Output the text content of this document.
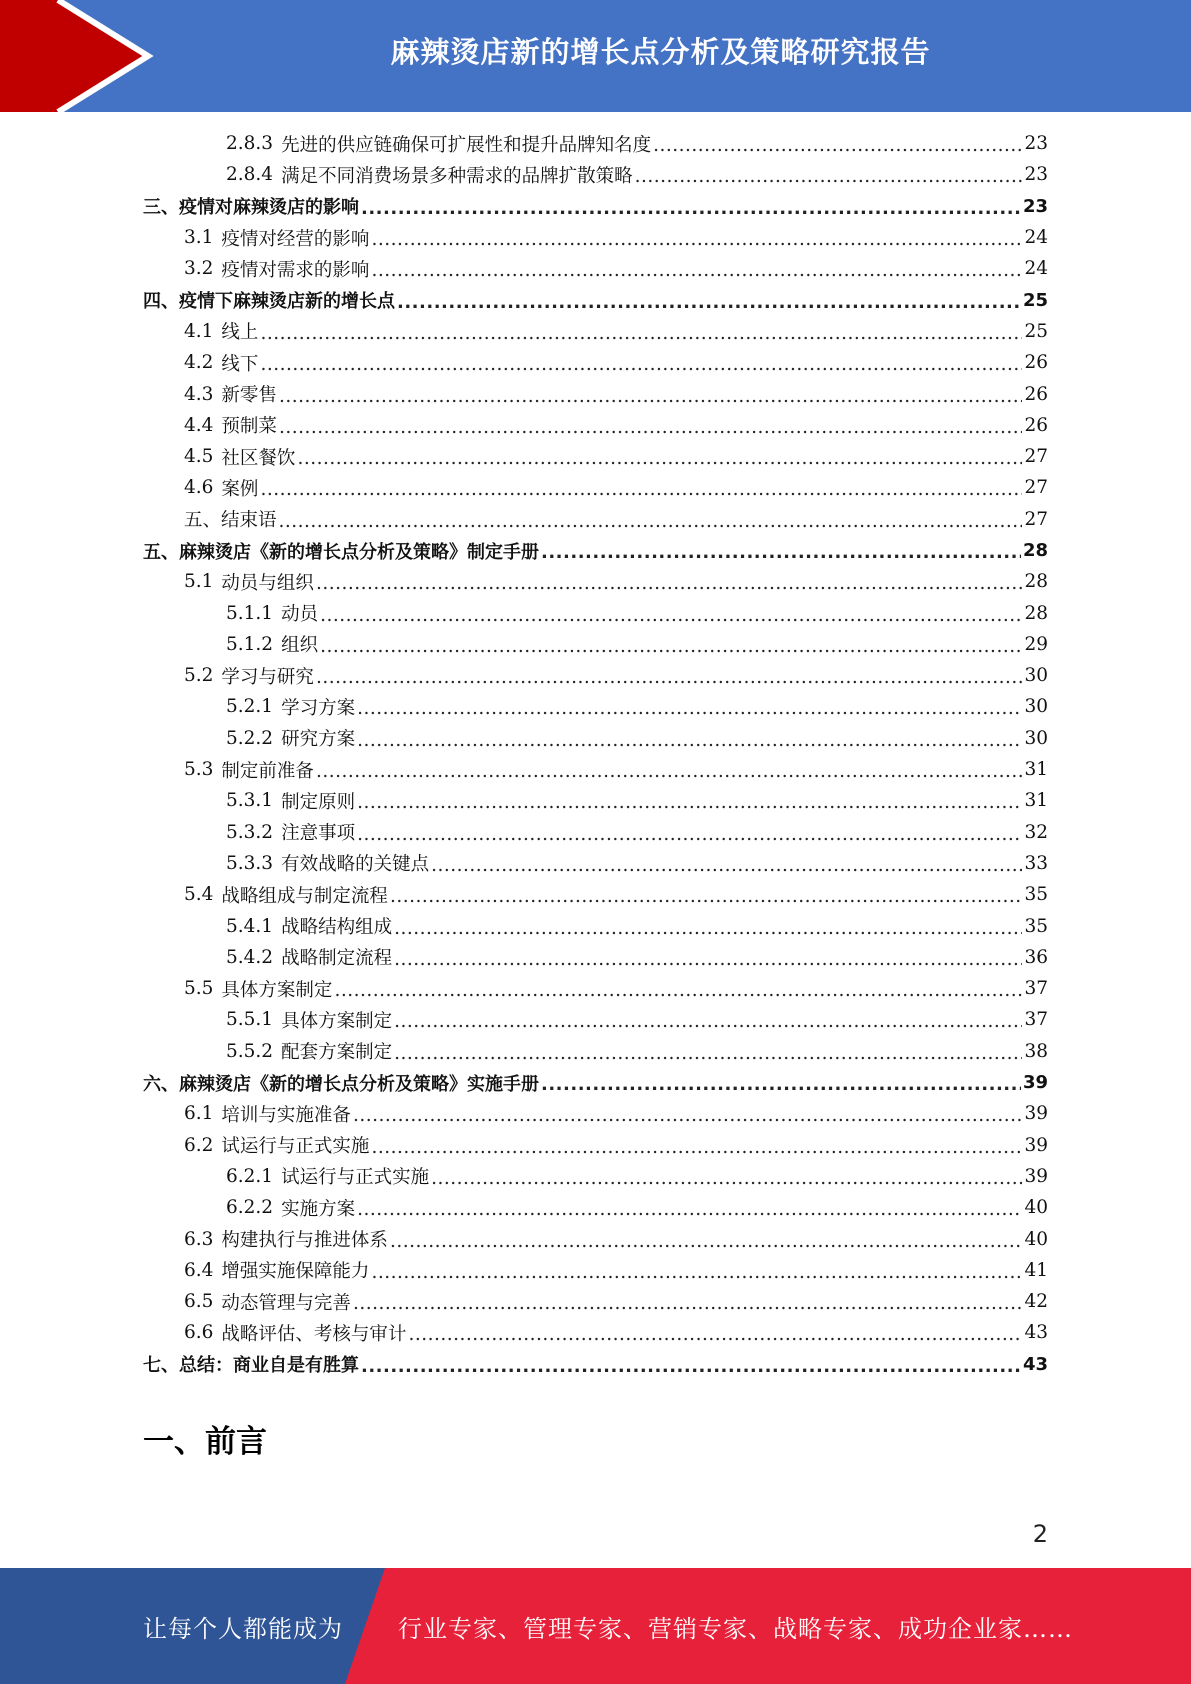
麻辣烫店新的增长点分析及策略研究报告
2.8.3 先进的供应链确保可扩展性和提升品牌知名度 .....	23
2.8.4 满足不同消费场景多种需求的品牌扩散策略 .....	23
三、疫情对麻辣烫店的影响 .....	23
3.1 疫情对经营的影响 .....	24
3.2 疫情对需求的影响 .....	24
四、疫情下麻辣烫店新的增长点 .....	25
4.1 线上 .....	25
4.2 线下 .....	26
4.3 新零售 .....	26
4.4 预制菜 .....	26
4.5 社区餐饮 .....	27
4.6 案例 .....	27
五、结束语 .....	27
五、麻辣烫店《新的增长点分析及策略》制定手册 .....	28
5.1 动员与组织 .....	28
5.1.1 动员 .....	28
5.1.2 组织 .....	29
5.2 学习与研究 .....	30
5.2.1 学习方案 .....	30
5.2.2 研究方案 .....	30
5.3 制定前准备 .....	31
5.3.1 制定原则 .....	31
5.3.2 注意事项 .....	32
5.3.3 有效战略的关键点 .....	33
5.4 战略组成与制定流程 .....	35
5.4.1 战略结构组成 .....	35
5.4.2 战略制定流程 .....	36
5.5 具体方案制定 .....	37
5.5.1 具体方案制定 .....	37
5.5.2 配套方案制定 .....	38
六、麻辣烫店《新的增长点分析及策略》实施手册 .....	39
6.1 培训与实施准备 .....	39
6.2 试运行与正式实施 .....	39
6.2.1 试运行与正式实施 .....	39
6.2.2 实施方案 .....	40
6.3 构建执行与推进体系 .....	40
6.4 增强实施保障能力 .....	41
6.5 动态管理与完善 .....	42
6.6 战略评估、考核与审计 .....	43
七、总结：商业自是有胜算 .....	43
一、前言
2
让每个人都能成为 行业专家、管理专家、营销专家、战略专家、成功企业家……
